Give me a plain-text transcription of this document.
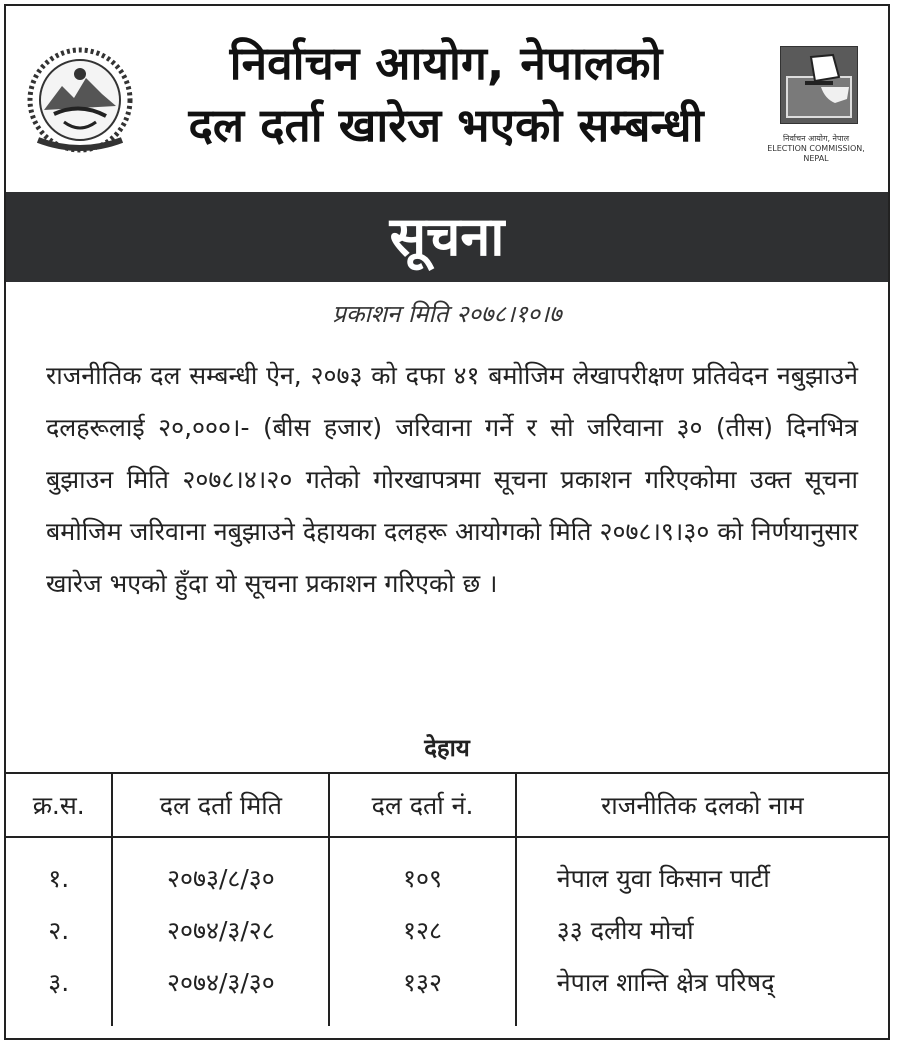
निर्वाचन आयोग, नेपालको
दल दर्ता खारेज भएको सम्बन्धी	निर्वाचन आयोग, नेपाल
ELECTION COMMISSION, NEPAL
सूचना
प्रकाशन मिति २०७८।१०।७
राजनीतिक दल सम्बन्धी ऐन, २०७३ को दफा ४१ बमोजिम लेखापरीक्षण प्रतिवेदन नबुझाउने दलहरूलाई २०,०००।- (बीस हजार) जरिवाना गर्ने र सो जरिवाना ३० (तीस) दिनभित्र बुझाउन मिति २०७८।४।२० गतेको गोरखापत्रमा सूचना प्रकाशन गरिएकोमा उक्त सूचना बमोजिम जरिवाना नबुझाउने देहायका दलहरू आयोगको मिति २०७८।९।३० को निर्णयानुसार खारेज भएको हुँदा यो सूचना प्रकाशन गरिएको छ ।
देहाय
क्र.स.	दल दर्ता मिति	दल दर्ता नं.	राजनीतिक दलको नाम
१.	२०७३/८/३०	१०९	नेपाल युवा किसान पार्टी
२.	२०७४/३/२८	१२८	३३ दलीय मोर्चा
३.	२०७४/३/३०	१३२	नेपाल शान्ति क्षेत्र परिषद्
